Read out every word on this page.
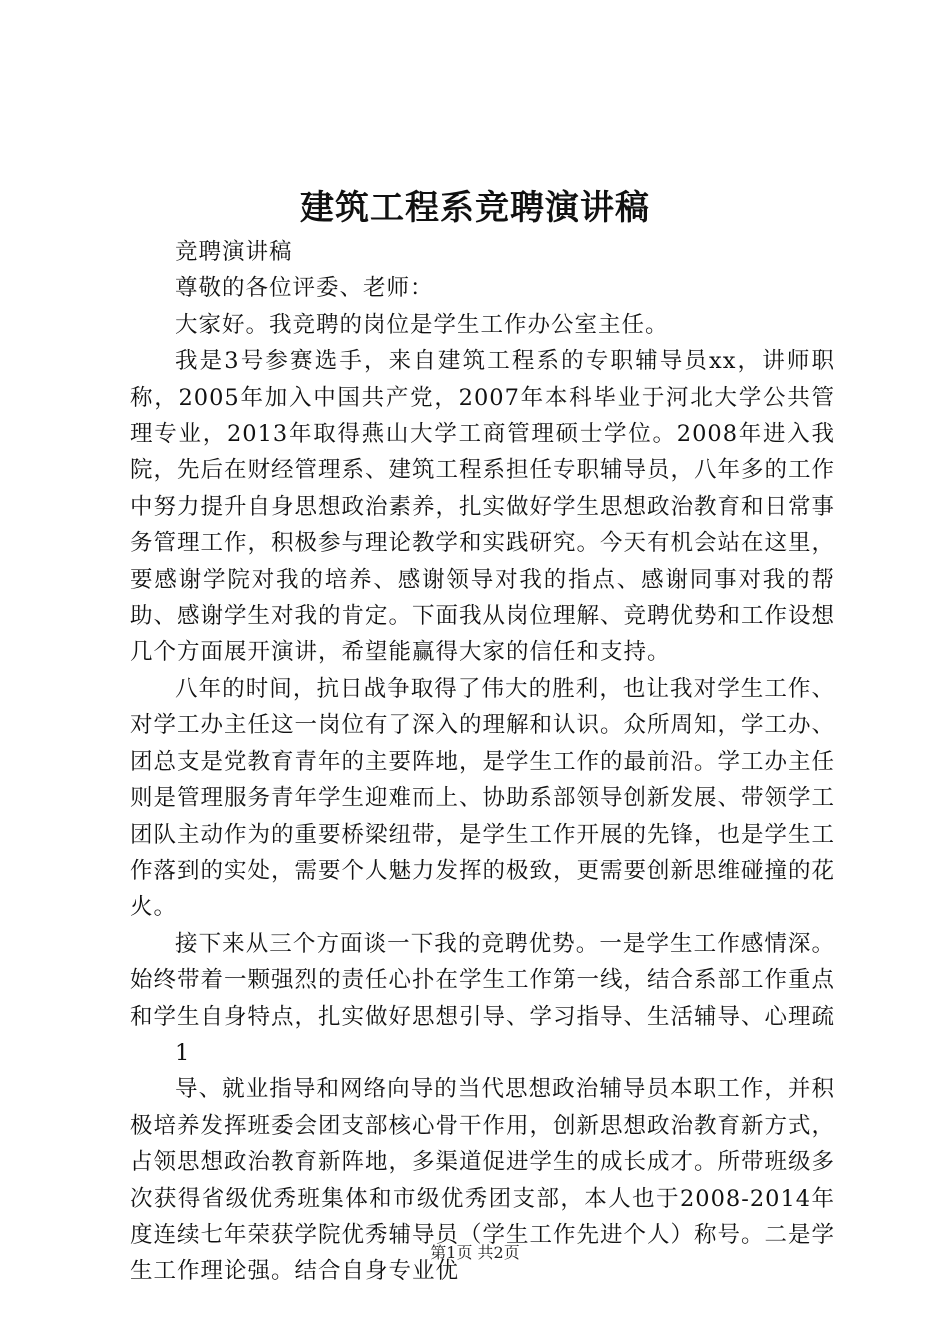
建筑工程系竞聘演讲稿

竞聘演讲稿

尊敬的各位评委、老师：

大家好。我竞聘的岗位是学生工作办公室主任。

我是3号参赛选手，来自建筑工程系的专职辅导员xx，讲师职称，2005年加入中国共产党，2007年本科毕业于河北大学公共管理专业，2013年取得燕山大学工商管理硕士学位。2008年进入我院，先后在财经管理系、建筑工程系担任专职辅导员，八年多的工作中努力提升自身思想政治素养，扎实做好学生思想政治教育和日常事务管理工作，积极参与理论教学和实践研究。今天有机会站在这里，要感谢学院对我的培养、感谢领导对我的指点、感谢同事对我的帮助、感谢学生对我的肯定。下面我从岗位理解、竞聘优势和工作设想几个方面展开演讲，希望能赢得大家的信任和支持。

八年的时间，抗日战争取得了伟大的胜利，也让我对学生工作、对学工办主任这一岗位有了深入的理解和认识。众所周知，学工办、团总支是党教育青年的主要阵地，是学生工作的最前沿。学工办主任则是管理服务青年学生迎难而上、协助系部领导创新发展、带领学工团队主动作为的重要桥梁纽带，是学生工作开展的先锋，也是学生工作落到的实处，需要个人魅力发挥的极致，更需要创新思维碰撞的花火。

接下来从三个方面谈一下我的竞聘优势。一是学生工作感情深。始终带着一颗强烈的责任心扑在学生工作第一线，结合系部工作重点和学生自身特点，扎实做好思想引导、学习指导、生活辅导、心理疏

1

导、就业指导和网络向导的当代思想政治辅导员本职工作，并积极培养发挥班委会团支部核心骨干作用，创新思想政治教育新方式，占领思想政治教育新阵地，多渠道促进学生的成长成才。所带班级多次获得省级优秀班集体和市级优秀团支部，本人也于2008-2014年度连续七年荣获学院优秀辅导员（学生工作先进个人）称号。二是学生工作理论强。结合自身专业优

第1页 共2页
